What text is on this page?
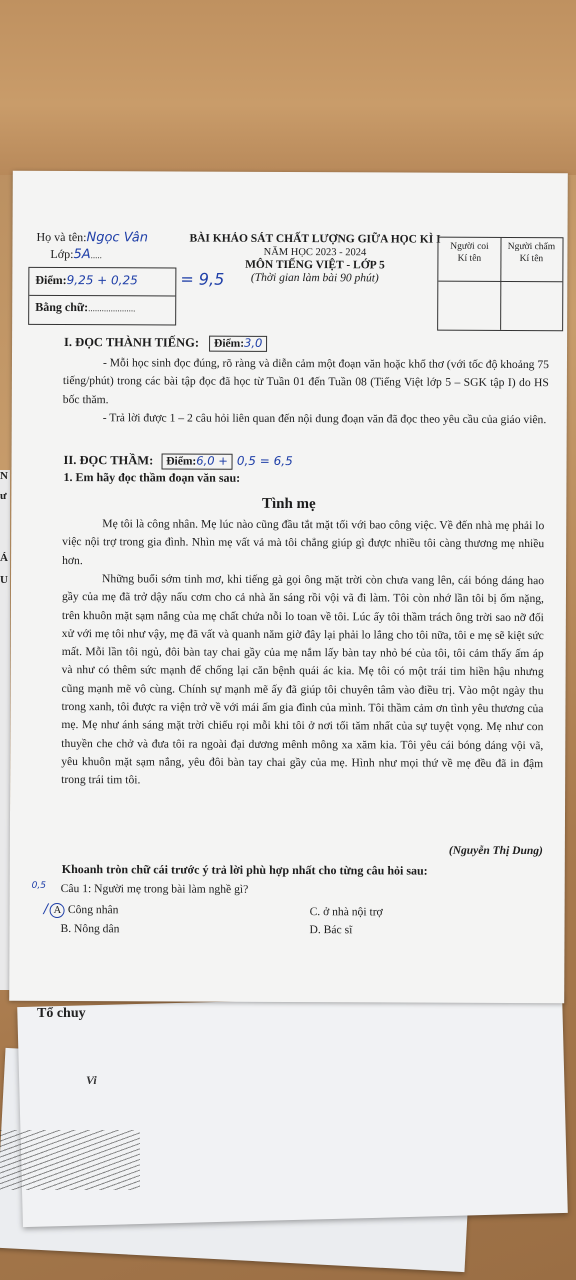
Tổ chuy
Vi
N
ư
Á
U
Họ và tên:Ngọc Vân
Lớp:5A.....
Điểm:9,25 + 0,25
Bằng chữ:.....................
= 9,5
BÀI KHẢO SÁT CHẤT LƯỢNG GIỮA HỌC KÌ I
NĂM HỌC 2023 - 2024
MÔN TIẾNG VIỆT - LỚP 5
(Thời gian làm bài 90 phút)
Người coi
Kí tên
Người chấm
Kí tên
I. ĐỌC THÀNH TIẾNG: Điểm:3,0
- Mỗi học sinh đọc đúng, rõ ràng và diễn cảm một đoạn văn hoặc khổ thơ (với tốc độ khoảng 75 tiếng/phút) trong các bài tập đọc đã học từ Tuần 01 đến Tuần 08 (Tiếng Việt lớp 5 – SGK tập I) do HS bốc thăm.
- Trả lời được 1 – 2 câu hỏi liên quan đến nội dung đoạn văn đã đọc theo yêu cầu của giáo viên.
II. ĐỌC THẦM: Điểm:6,0 + 0,5 = 6,5
1. Em hãy đọc thầm đoạn văn sau:
Tình mẹ
Mẹ tôi là công nhân. Mẹ lúc nào cũng đầu tắt mặt tối với bao công việc. Về đến nhà mẹ phải lo việc nội trợ trong gia đình. Nhìn mẹ vất vả mà tôi chẳng giúp gì được nhiều tôi càng thương mẹ nhiều hơn.
Những buổi sớm tinh mơ, khi tiếng gà gọi ông mặt trời còn chưa vang lên, cái bóng dáng hao gầy của mẹ đã trở dậy nấu cơm cho cả nhà ăn sáng rồi vội vã đi làm. Tôi còn nhớ lần tôi bị ốm nặng, trên khuôn mặt sạm nắng của mẹ chất chứa nỗi lo toan về tôi. Lúc ấy tôi thầm trách ông trời sao nỡ đối xử với mẹ tôi như vậy, mẹ đã vất và quanh năm giờ đây lại phải lo lắng cho tôi nữa, tôi e mẹ sẽ kiệt sức mất. Mỗi lần tôi ngủ, đôi bàn tay chai gầy của mẹ nắm lấy bàn tay nhỏ bé của tôi, tôi cảm thấy ấm áp và như có thêm sức mạnh để chống lại căn bệnh quái ác kia. Mẹ tôi có một trái tim hiền hậu nhưng cũng mạnh mẽ vô cùng. Chính sự mạnh mẽ ấy đã giúp tôi chuyên tâm vào điều trị. Vào một ngày thu trong xanh, tôi được ra viện trở về với mái ấm gia đình của mình. Tôi thầm cảm ơn tình yêu thương của mẹ. Mẹ như ánh sáng mặt trời chiếu rọi mỗi khi tôi ở nơi tối tăm nhất của sự tuyệt vọng. Mẹ như con thuyền che chở và đưa tôi ra ngoài đại dương mênh mông xa xăm kia. Tôi yêu cái bóng dáng vội vã, yêu khuôn mặt sạm nắng, yêu đôi bàn tay chai gầy của mẹ. Hình như mọi thứ về mẹ đều đã in đậm trong trái tim tôi.
(Nguyễn Thị Dung)
Khoanh tròn chữ cái trước ý trả lời phù hợp nhất cho từng câu hỏi sau:
0,5 Câu 1: Người mẹ trong bài làm nghề gì?
/ A Công nhân	C. ở nhà nội trợ
B. Nông dân	D. Bác sĩ
